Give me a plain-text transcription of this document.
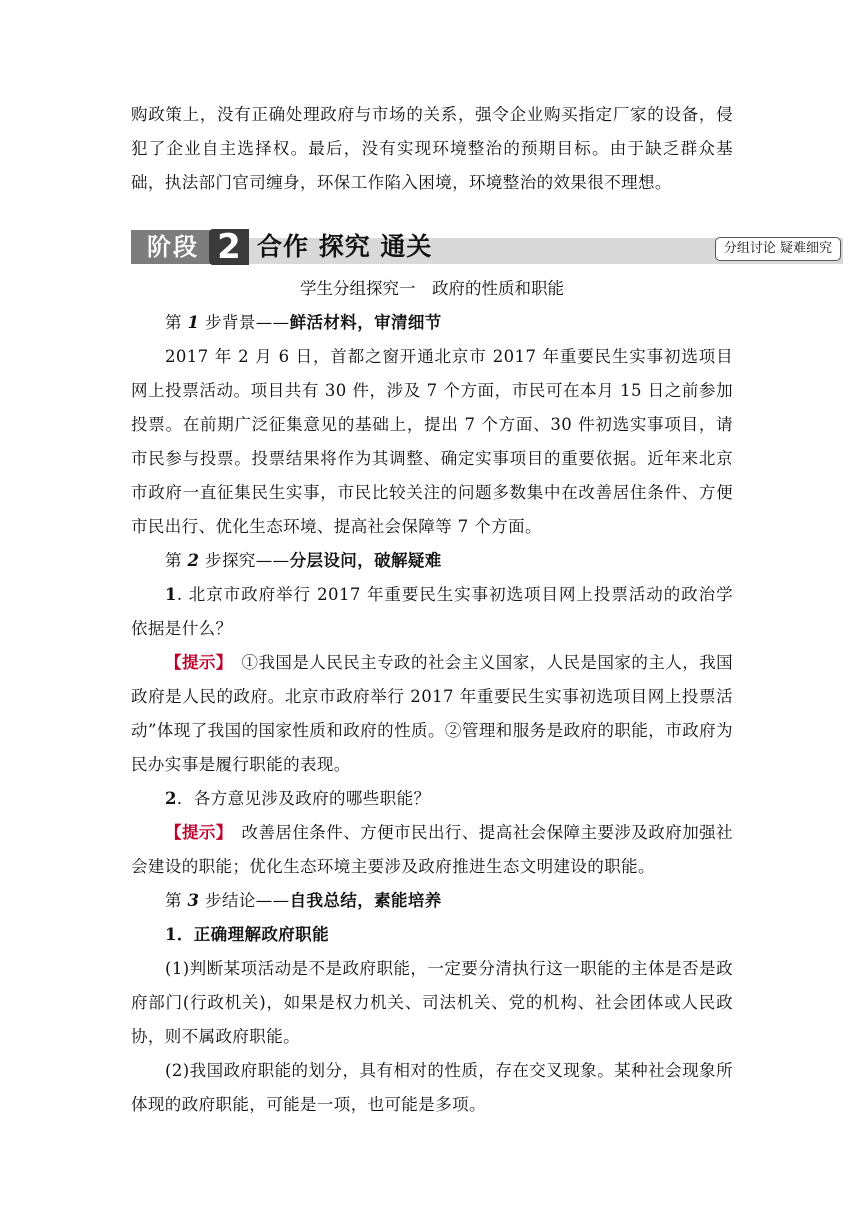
购政策上，没有正确处理政府与市场的关系，强令企业购买指定厂家的设备，侵犯了企业自主选择权。最后，没有实现环境整治的预期目标。由于缺乏群众基础，执法部门官司缠身，环保工作陷入困境，环境整治的效果很不理想。
阶段 2 合作 探究 通关	分组讨论 疑难细究
学生分组探究一　政府的性质和职能
第 1 步背景——鲜活材料，审清细节
2017 年 2 月 6 日，首都之窗开通北京市 2017 年重要民生实事初选项目网上投票活动。项目共有 30 件，涉及 7 个方面，市民可在本月 15 日之前参加投票。在前期广泛征集意见的基础上，提出 7 个方面、30 件初选实事项目，请市民参与投票。投票结果将作为其调整、确定实事项目的重要依据。近年来北京市政府一直征集民生实事，市民比较关注的问题多数集中在改善居住条件、方便市民出行、优化生态环境、提高社会保障等 7 个方面。
第 2 步探究——分层设问，破解疑难
1. 北京市政府举行 2017 年重要民生实事初选项目网上投票活动的政治学依据是什么？
【提示】　①我国是人民民主专政的社会主义国家，人民是国家的主人，我国政府是人民的政府。北京市政府举行 2017 年重要民生实事初选项目网上投票活动”体现了我国的国家性质和政府的性质。②管理和服务是政府的职能，市政府为民办实事是履行职能的表现。
2．各方意见涉及政府的哪些职能？
【提示】　改善居住条件、方便市民出行、提高社会保障主要涉及政府加强社会建设的职能；优化生态环境主要涉及政府推进生态文明建设的职能。
第 3 步结论——自我总结，素能培养
1．正确理解政府职能
(1)判断某项活动是不是政府职能，一定要分清执行这一职能的主体是否是政府部门(行政机关)，如果是权力机关、司法机关、党的机构、社会团体或人民政协，则不属政府职能。
(2)我国政府职能的划分，具有相对的性质，存在交叉现象。某种社会现象所体现的政府职能，可能是一项，也可能是多项。
